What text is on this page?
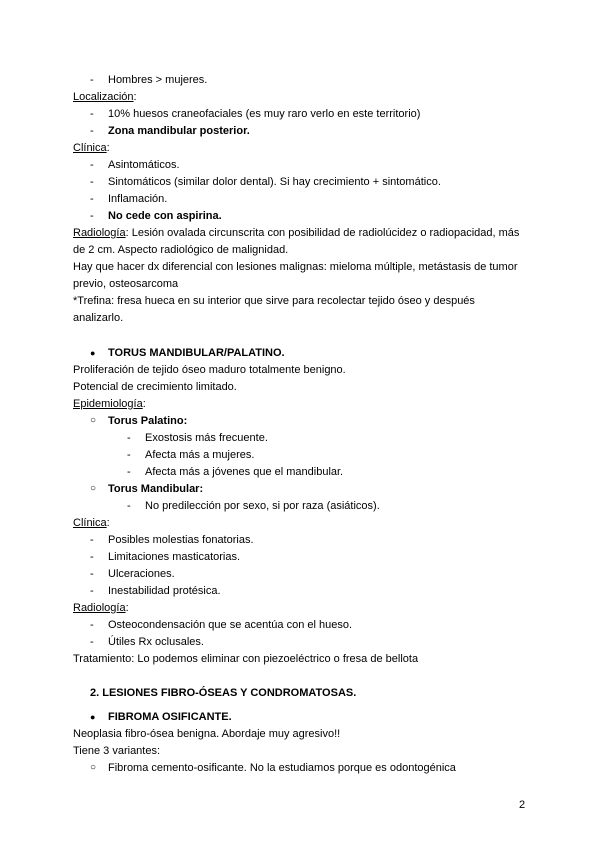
- Hombres > mujeres.
Localización:
- 10% huesos craneofaciales (es muy raro verlo en este territorio)
- Zona mandibular posterior.
Clínica:
- Asintomáticos.
- Sintomáticos (similar dolor dental). Si hay crecimiento + sintomático.
- Inflamación.
- No cede con aspirina.
Radiología: Lesión ovalada circunscrita con posibilidad de radiolúcidez o radiopacidad, más
de 2 cm. Aspecto radiológico de malignidad.
Hay que hacer dx diferencial con lesiones malignas: mieloma múltiple, metástasis de tumor
previo, osteosarcoma
*Trefina: fresa hueca en su interior que sirve para recolectar tejido óseo y después
analizarlo.
● TORUS MANDIBULAR/PALATINO.
Proliferación de tejido óseo maduro totalmente benigno.
Potencial de crecimiento limitado.
Epidemiología:
○ Torus Palatino:
- Exostosis más frecuente.
- Afecta más a mujeres.
- Afecta más a jóvenes que el mandibular.
○ Torus Mandibular:
- No predilección por sexo, si por raza (asiáticos).
Clínica:
- Posibles molestias fonatorias.
- Limitaciones masticatorias.
- Ulceraciones.
- Inestabilidad protésica.
Radiología:
- Osteocondensación que se acentúa con el hueso.
- Útiles Rx oclusales.
Tratamiento: Lo podemos eliminar con piezoeléctrico o fresa de bellota
2. LESIONES FIBRO-ÓSEAS Y CONDROMATOSAS.
● FIBROMA OSIFICANTE.
Neoplasia fibro-ósea benigna. Abordaje muy agresivo!!
Tiene 3 variantes:
○ Fibroma cemento-osificante. No la estudiamos porque es odontogénica
2
